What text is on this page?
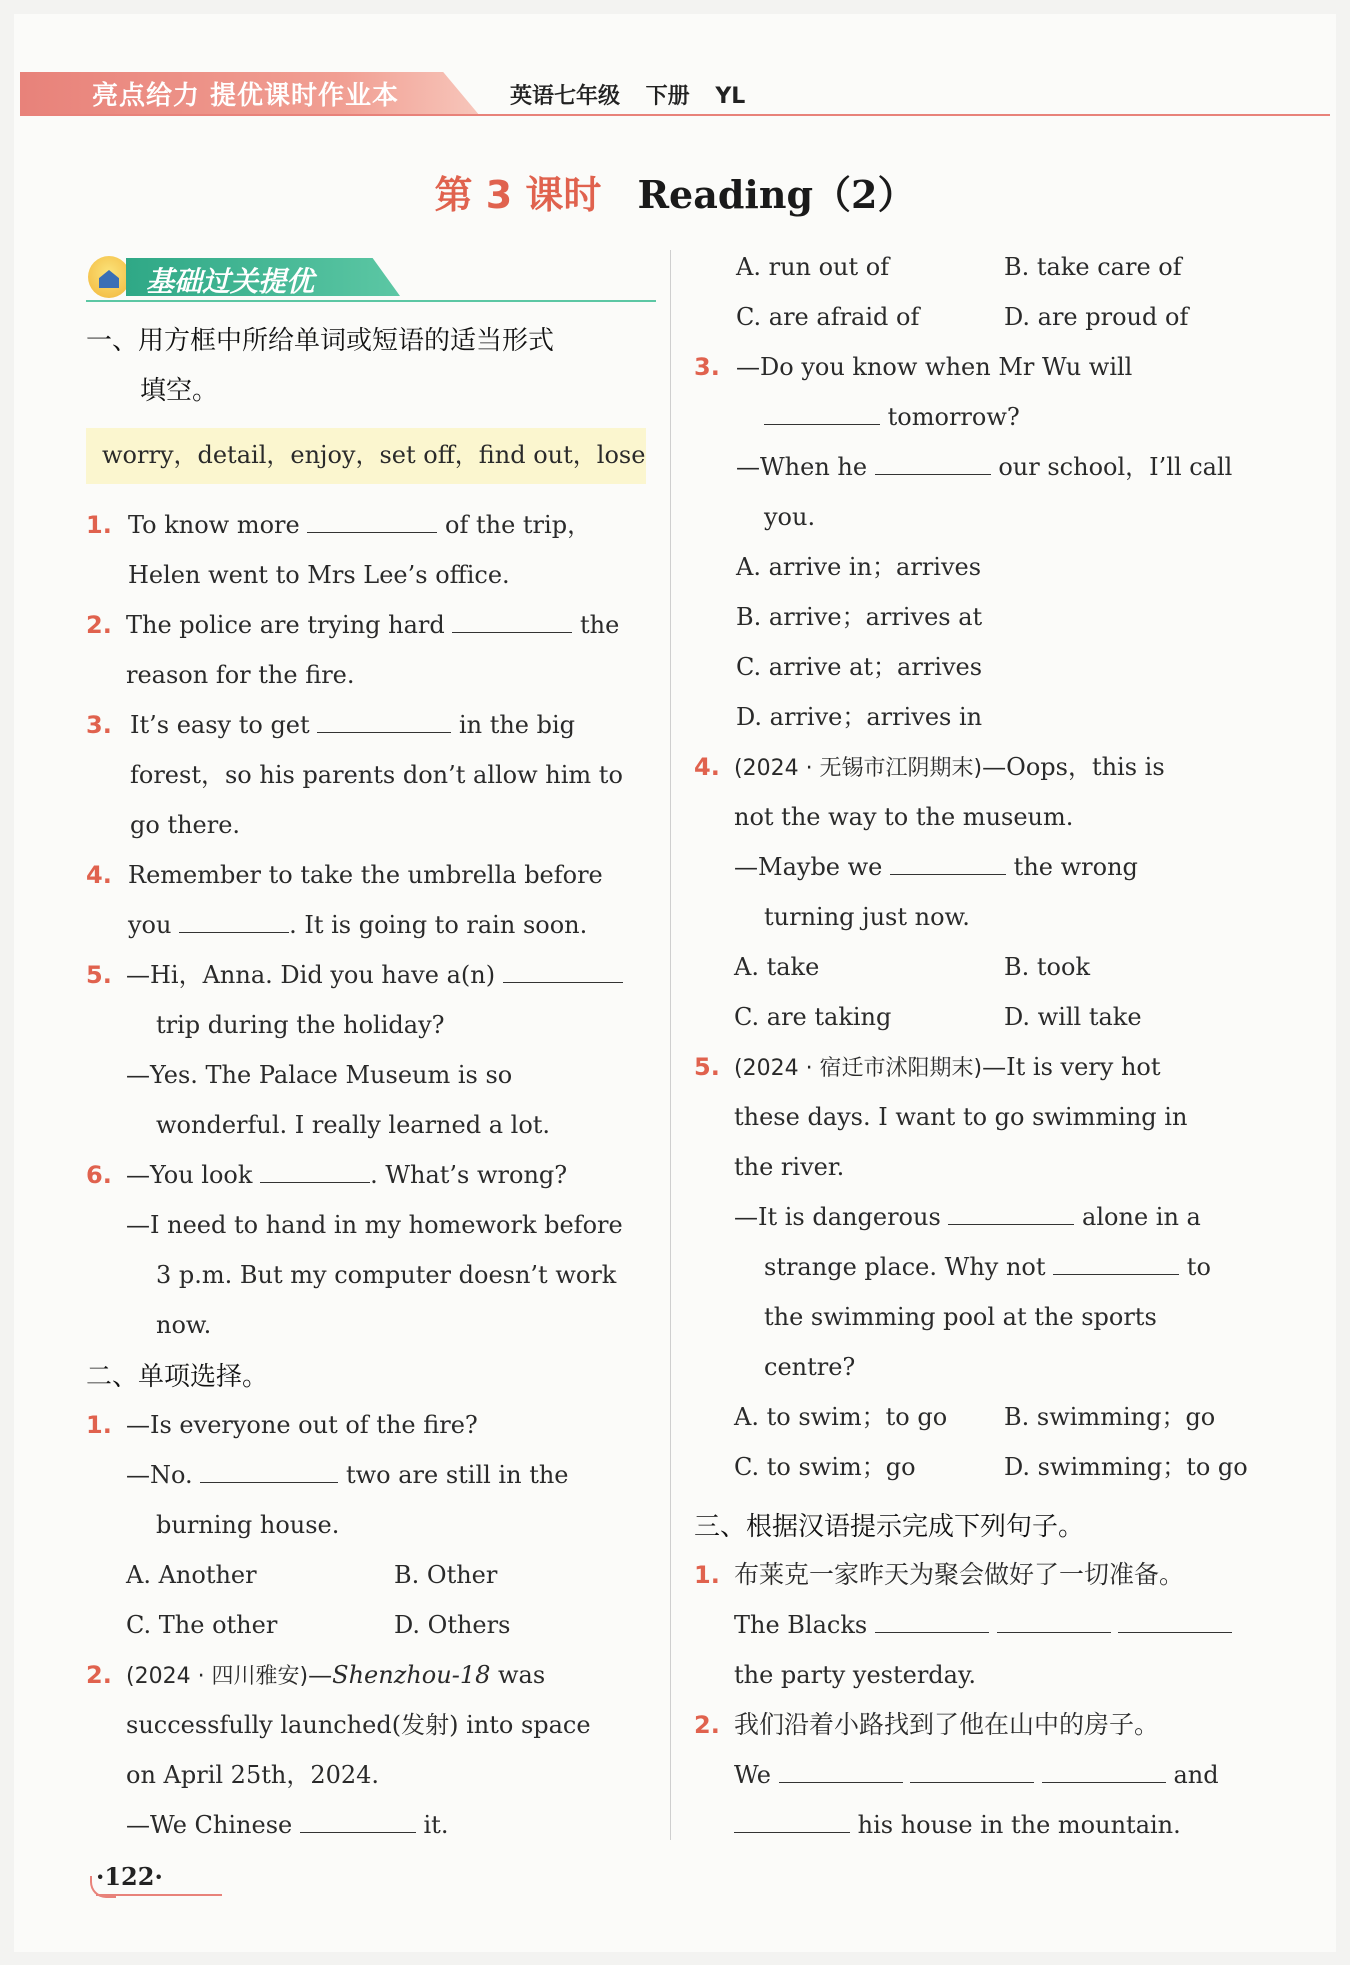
亮点给力 提优课时作业本	英语七年级 下册 YL
第 3 课时 Reading（2）
基础过关提优
一、用方框中所给单词或短语的适当形式
填空。
worry，detail，enjoy，set off，find out，lose
1. To know more	of the trip，
Helen went to Mrs Lee’s office.
2. The police are trying hard	the
reason for the fire.
3. It’s easy to get	in the big
forest，so his parents don’t allow him to
go there.
4. Remember to take the umbrella before
you	. It is going to rain soon.
5. —Hi，Anna. Did you have a(n)
trip during the holiday?
—Yes. The Palace Museum is so
wonderful. I really learned a lot.
6. —You look	. What’s wrong?
—I need to hand in my homework before
3 p.m. But my computer doesn’t work
now.
二、单项选择。
1. —Is everyone out of the fire?
—No.	two are still in the
burning house.
A. Another	B. Other
C. The other	D. Others
2. (2024 · 四川雅安)—Shenzhou-18 was
successfully launched(发射) into space
on April 25th，2024.
—We Chinese	it.
A. run out of	B. take care of
C. are afraid of	D. are proud of
3. —Do you know when Mr Wu will
tomorrow?
—When he	our school，I’ll call
you.
A. arrive in；arrives
B. arrive；arrives at
C. arrive at；arrives
D. arrive；arrives in
4. (2024 · 无锡市江阴期末)—Oops，this is
not the way to the museum.
—Maybe we	the wrong
turning just now.
A. take	B. took
C. are taking	D. will take
5. (2024 · 宿迁市沭阳期末)—It is very hot
these days. I want to go swimming in
the river.
—It is dangerous	alone in a
strange place. Why not	to
the swimming pool at the sports
centre?
A. to swim；to go B. swimming；go
C. to swim；go	D. swimming；to go
三、根据汉语提示完成下列句子。
1. 布莱克一家昨天为聚会做好了一切准备。
The Blacks
the party yesterday.
2. 我们沿着小路找到了他在山中的房子。
We	and
his house in the mountain.
·122·
